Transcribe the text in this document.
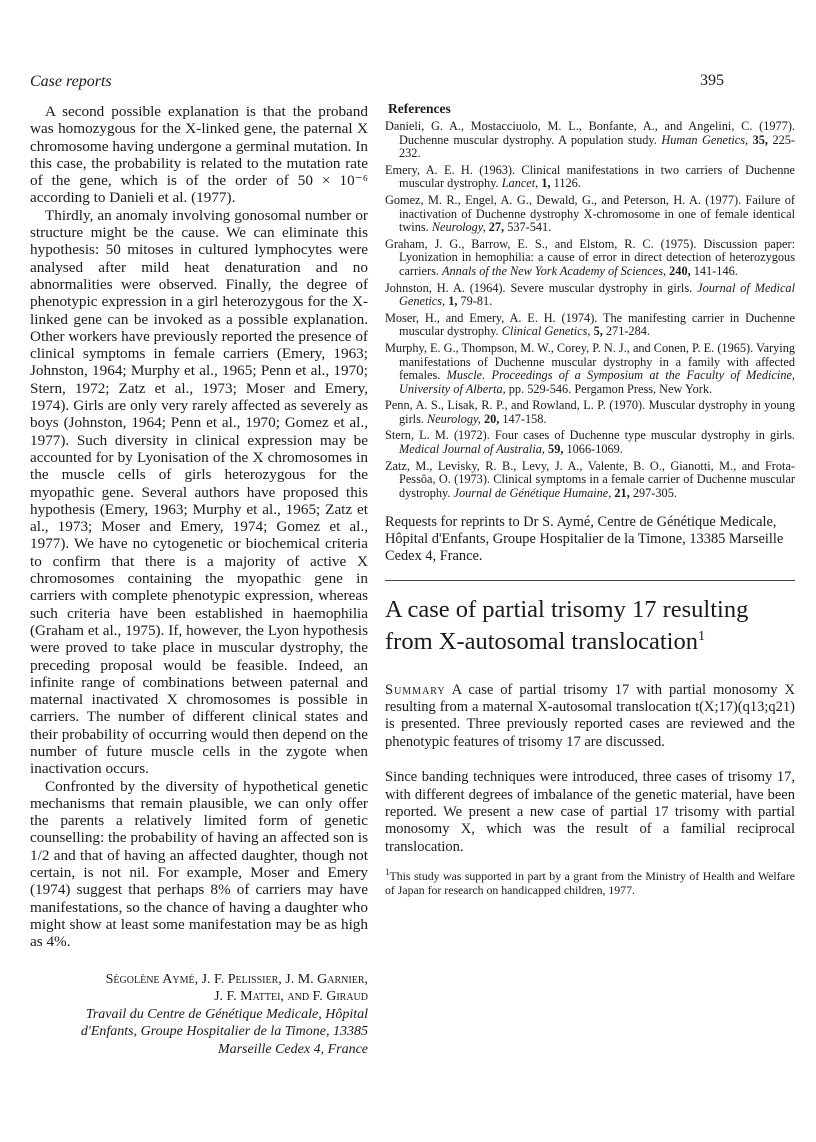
Case reports	395

A second possible explanation is that the proband was homozygous for the X-linked gene, the paternal X chromosome having undergone a germinal mutation. In this case, the probability is related to the mutation rate of the gene, which is of the order of 50 × 10⁻⁶ according to Danieli et al. (1977).

Thirdly, an anomaly involving gonosomal number or structure might be the cause. We can eliminate this hypothesis: 50 mitoses in cultured lymphocytes were analysed after mild heat denaturation and no abnormalities were observed. Finally, the degree of phenotypic expression in a girl heterozygous for the X-linked gene can be invoked as a possible explanation. Other workers have previously reported the presence of clinical symptoms in female carriers (Emery, 1963; Johnston, 1964; Murphy et al., 1965; Penn et al., 1970; Stern, 1972; Zatz et al., 1973; Moser and Emery, 1974). Girls are only very rarely affected as severely as boys (Johnston, 1964; Penn et al., 1970; Gomez et al., 1977). Such diversity in clinical expression may be accounted for by Lyonisation of the X chromosomes in the muscle cells of girls heterozygous for the myopathic gene. Several authors have proposed this hypothesis (Emery, 1963; Murphy et al., 1965; Zatz et al., 1973; Moser and Emery, 1974; Gomez et al., 1977). We have no cytogenetic or biochemical criteria to confirm that there is a majority of active X chromosomes containing the myopathic gene in carriers with complete phenotypic expression, whereas such criteria have been established in haemophilia (Graham et al., 1975). If, however, the Lyon hypothesis were proved to take place in muscular dystrophy, the preceding proposal would be feasible. Indeed, an infinite range of combinations between paternal and maternal inactivated X chromosomes is possible in carriers. The number of different clinical states and their probability of occurring would then depend on the number of future muscle cells in the zygote when inactivation occurs.

Confronted by the diversity of hypothetical genetic mechanisms that remain plausible, we can only offer the parents a relatively limited form of genetic counselling: the probability of having an affected son is 1/2 and that of having an affected daughter, though not certain, is not nil. For example, Moser and Emery (1974) suggest that perhaps 8% of carriers may have manifestations, so the chance of having a daughter who might show at least some manifestation may be as high as 4%.

Ségolène Aymé, J. F. Pelissier, J. M. Garnier,
J. F. Mattei, and F. Giraud

Travail du Centre de Génétique Medicale, Hôpital d'Enfants, Groupe Hospitalier de la Timone, 13385 Marseille Cedex 4, France

References

Danieli, G. A., Mostacciuolo, M. L., Bonfante, A., and Angelini, C. (1977). Duchenne muscular dystrophy. A population study. Human Genetics, 35, 225-232.

Emery, A. E. H. (1963). Clinical manifestations in two carriers of Duchenne muscular dystrophy. Lancet, 1, 1126.

Gomez, M. R., Engel, A. G., Dewald, G., and Peterson, H. A. (1977). Failure of inactivation of Duchenne dystrophy X-chromosome in one of female identical twins. Neurology, 27, 537-541.

Graham, J. G., Barrow, E. S., and Elstom, R. C. (1975). Discussion paper: Lyonization in hemophilia: a cause of error in direct detection of heterozygous carriers. Annals of the New York Academy of Sciences, 240, 141-146.

Johnston, H. A. (1964). Severe muscular dystrophy in girls. Journal of Medical Genetics, 1, 79-81.

Moser, H., and Emery, A. E. H. (1974). The manifesting carrier in Duchenne muscular dystrophy. Clinical Genetics, 5, 271-284.

Murphy, E. G., Thompson, M. W., Corey, P. N. J., and Conen, P. E. (1965). Varying manifestations of Duchenne muscular dystrophy in a family with affected females. Muscle. Proceedings of a Symposium at the Faculty of Medicine, University of Alberta, pp. 529-546. Pergamon Press, New York.

Penn, A. S., Lisak, R. P., and Rowland, L. P. (1970). Muscular dystrophy in young girls. Neurology, 20, 147-158.

Stern, L. M. (1972). Four cases of Duchenne type muscular dystrophy in girls. Medical Journal of Australia, 59, 1066-1069.

Zatz, M., Levisky, R. B., Levy, J. A., Valente, B. O., Gianotti, M., and Frota-Pessôa, O. (1973). Clinical symptoms in a female carrier of Duchenne muscular dystrophy. Journal de Génétique Humaine, 21, 297-305.

Requests for reprints to Dr S. Aymé, Centre de Génétique Medicale, Hôpital d'Enfants, Groupe Hospitalier de la Timone, 13385 Marseille Cedex 4, France.

A case of partial trisomy 17 resulting from X-autosomal translocation$^1$

Summary A case of partial trisomy 17 with partial monosomy X resulting from a maternal X-autosomal translocation t(X;17)(q13;q21) is presented. Three previously reported cases are reviewed and the phenotypic features of trisomy 17 are discussed.

Since banding techniques were introduced, three cases of trisomy 17, with different degrees of imbalance of the genetic material, have been reported. We present a new case of partial 17 trisomy with partial monosomy X, which was the result of a familial reciprocal translocation.

$^1$This study was supported in part by a grant from the Ministry of Health and Welfare of Japan for research on handicapped children, 1977.
